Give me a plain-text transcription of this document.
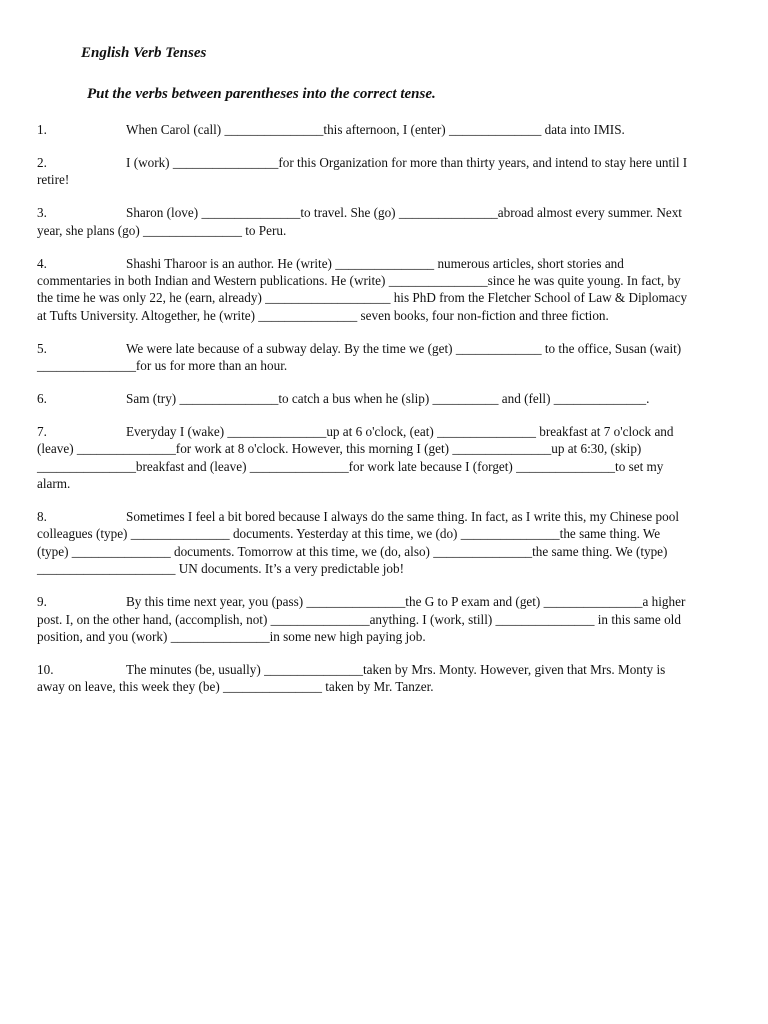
English Verb Tenses
Put the verbs between parentheses into the correct tense.

1.	When Carol (call) _______________this afternoon, I (enter) ______________ data into IMIS.

2.	I (work) ________________for this Organization for more than thirty years, and intend to stay here until I retire!

3.	Sharon (love) _______________to travel. She (go) _______________abroad almost every summer. Next year, she plans (go) _______________ to Peru.

4.	Shashi Tharoor is an author. He (write) _______________ numerous articles, short stories and commentaries in both Indian and Western publications. He (write) _______________since he was quite young. In fact, by the time he was only 22, he (earn, already) ___________________ his PhD from the Fletcher School of Law & Diplomacy at Tufts University. Altogether, he (write) _______________ seven books, four non-fiction and three fiction.

5.	We were late because of a subway delay. By the time we (get) _____________ to the office, Susan (wait) _______________for us for more than an hour.

6.	Sam (try) _______________to catch a bus when he (slip) __________ and (fell) ______________.

7.	Everyday I (wake) _______________up at 6 o'clock, (eat) _______________ breakfast at 7 o'clock and (leave) _______________for work at 8 o'clock. However, this morning I (get) _______________up at 6:30, (skip) _______________breakfast and (leave) _______________for work late because I (forget) _______________to set my alarm.

8.	Sometimes I feel a bit bored because I always do the same thing. In fact, as I write this, my Chinese pool colleagues (type) _______________ documents. Yesterday at this time, we (do) _______________the same thing. We (type) _______________ documents. Tomorrow at this time, we (do, also) _______________the same thing. We (type) _____________________ UN documents. It’s a very predictable job!

9.	By this time next year, you (pass) _______________the G to P exam and (get) _______________a higher post. I, on the other hand, (accomplish, not) _______________anything. I (work, still) _______________ in this same old position, and you (work) _______________in some new high paying job.

10.	The minutes (be, usually) _______________taken by Mrs. Monty. However, given that Mrs. Monty is away on leave, this week they (be) _______________ taken by Mr. Tanzer.
